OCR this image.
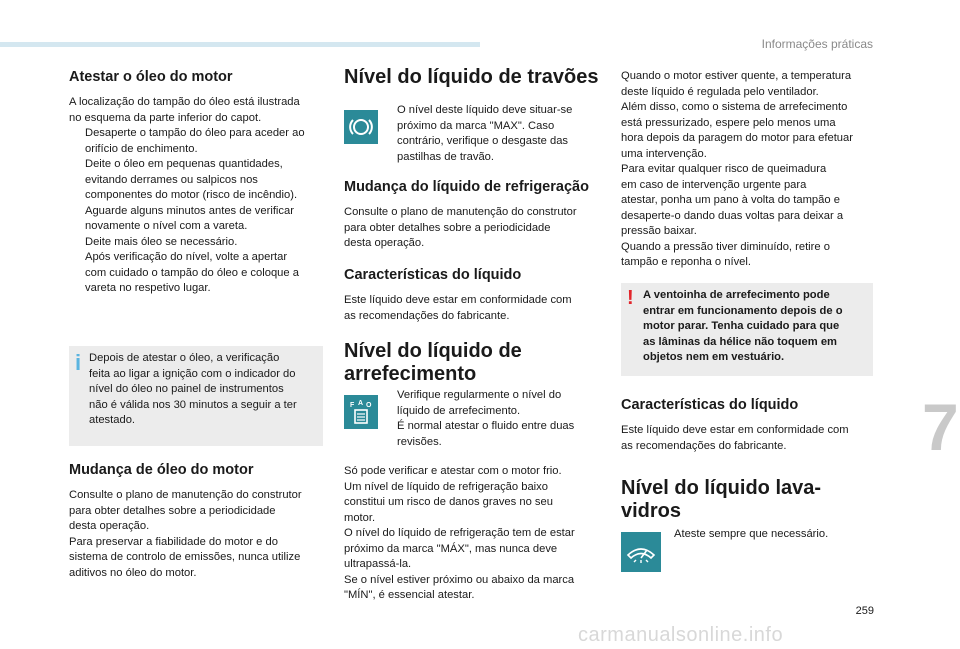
Informações práticas
Atestar o óleo do motor

A localização do tampão do óleo está ilustrada
no esquema da parte inferior do capot.

Desaperte o tampão do óleo para aceder ao
orifício de enchimento.
Deite o óleo em pequenas quantidades,
evitando derrames ou salpicos nos
componentes do motor (risco de incêndio).
Aguarde alguns minutos antes de verificar
novamente o nível com a vareta.
Deite mais óleo se necessário.
Após verificação do nível, volte a apertar
com cuidado o tampão do óleo e coloque a
vareta no respetivo lugar.
i Depois de atestar o óleo, a verificação
feita ao ligar a ignição com o indicador do
nível do óleo no painel de instrumentos
não é válida nos 30 minutos a seguir a ter
atestado.

Mudança de óleo do motor

Consulte o plano de manutenção do construtor
para obter detalhes sobre a periodicidade
desta operação.
Para preservar a fiabilidade do motor e do
sistema de controlo de emissões, nunca utilize
aditivos no óleo do motor.

Nível do líquido de travões

O nível deste líquido deve situar-se
próximo da marca "MAX". Caso
contrário, verifique o desgaste das
pastilhas de travão.

Mudança do líquido de refrigeração

Consulte o plano de manutenção do construtor
para obter detalhes sobre a periodicidade
desta operação.

Características do líquido

Este líquido deve estar em conformidade com
as recomendações do fabricante.

Nível do líquido de
arrefecimento
F A O

Verifique regularmente o nível do
líquido de arrefecimento.
É normal atestar o fluido entre duas
revisões.

Só pode verificar e atestar com o motor frio.
Um nível de líquido de refrigeração baixo
constitui um risco de danos graves no seu
motor.
O nível do líquido de refrigeração tem de estar
próximo da marca "MÁX", mas nunca deve
ultrapassá-la.
Se o nível estiver próximo ou abaixo da marca
"MÍN", é essencial atestar.

Quando o motor estiver quente, a temperatura
deste líquido é regulada pelo ventilador.
Além disso, como o sistema de arrefecimento
está pressurizado, espere pelo menos uma
hora depois da paragem do motor para efetuar
uma intervenção.
Para evitar qualquer risco de queimadura
em caso de intervenção urgente para
atestar, ponha um pano à volta do tampão e
desaperte-o dando duas voltas para deixar a
pressão baixar.
Quando a pressão tiver diminuído, retire o
tampão e reponha o nível.

! A ventoinha de arrefecimento pode
entrar em funcionamento depois de o
motor parar. Tenha cuidado para que
as lâminas da hélice não toquem em
objetos nem em vestuário.

Características do líquido

Este líquido deve estar em conformidade com
as recomendações do fabricante.

Nível do líquido lava-vidros

Ateste sempre que necessário.

7
259
carmanualsonline.info
